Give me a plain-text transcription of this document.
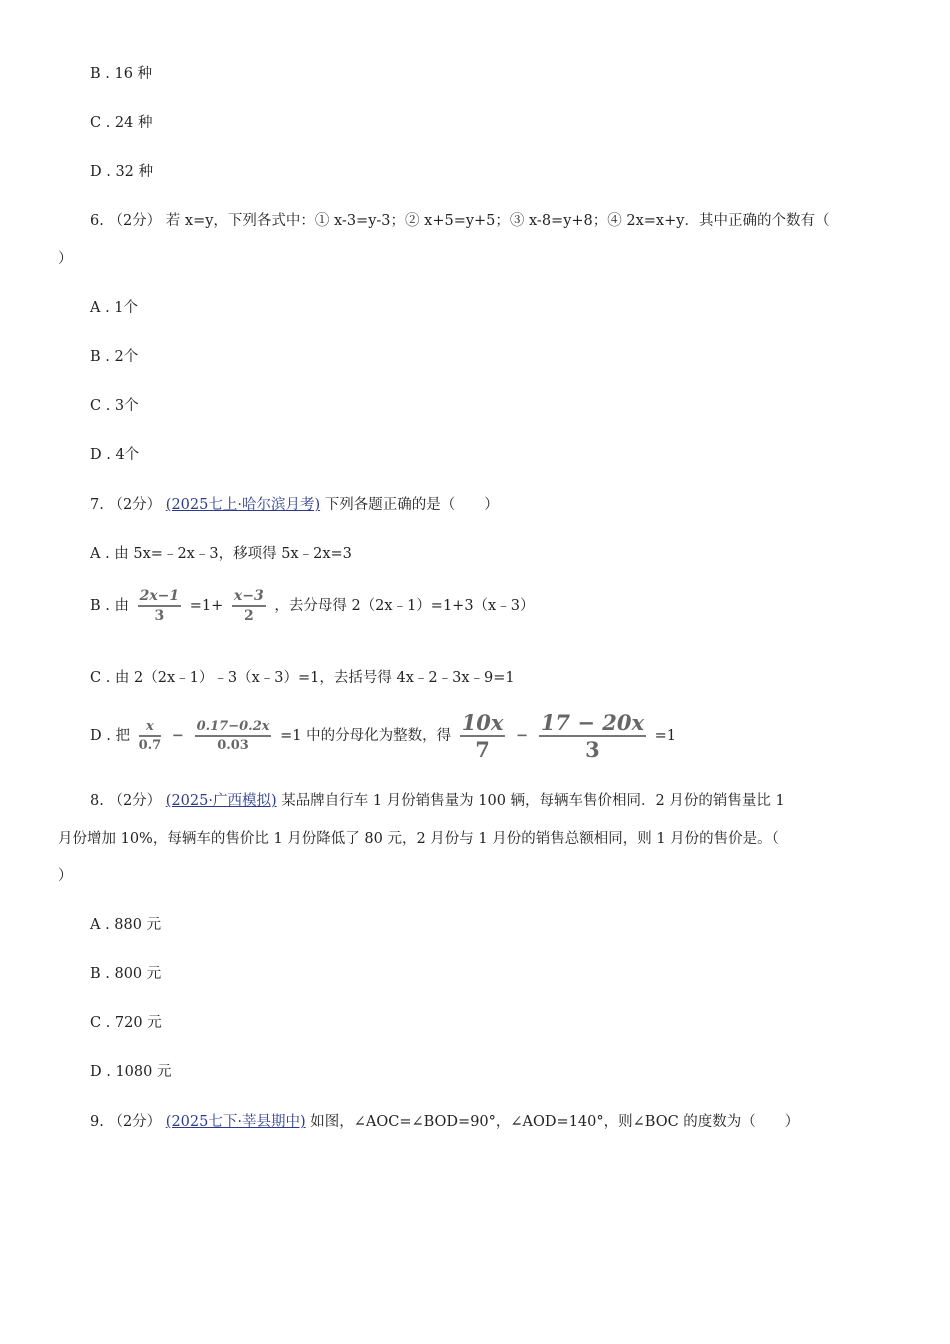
B . 16 种
C . 24 种
D . 32 种
6. （2分） 若 x=y，下列各式中：① x-3=y-3；② x+5=y+5；③ x-8=y+8；④ 2x=x+y．其中正确的个数有（
）
A . 1个
B . 2个
C . 3个
D . 4个
7. （2分） (2025七上·哈尔滨月考) 下列各题正确的是（　　）
A . 由 5x=﹣2x﹣3，移项得 5x﹣2x=3
B . 由 $\frac{2x-1}{3} =1+ \frac{x-3}{2}$ ，去分母得 2（2x﹣1）=1+3（x﹣3）
C . 由 2（2x﹣1）﹣3（x﹣3）=1，去括号得 4x﹣2﹣3x﹣9=1
D . 把 $\frac{x}{0.7} - \frac{0.17-0.2x}{0.03} =1$ 中的分母化为整数，得 $\frac{10x}{7} - \frac{17 - 20x}{3} =1$
8. （2分） (2025·广西模拟) 某品牌自行车 1 月份销售量为 100 辆，每辆车售价相同．2 月份的销售量比 1
月份增加 10%，每辆车的售价比 1 月份降低了 80 元，2 月份与 1 月份的销售总额相同，则 1 月份的售价是。（
）
A . 880 元
B . 800 元
C . 720 元
D . 1080 元
9. （2分） (2025七下·莘县期中) 如图，∠AOC=∠BOD=90°，∠AOD=140°，则∠BOC 的度数为（　　）
